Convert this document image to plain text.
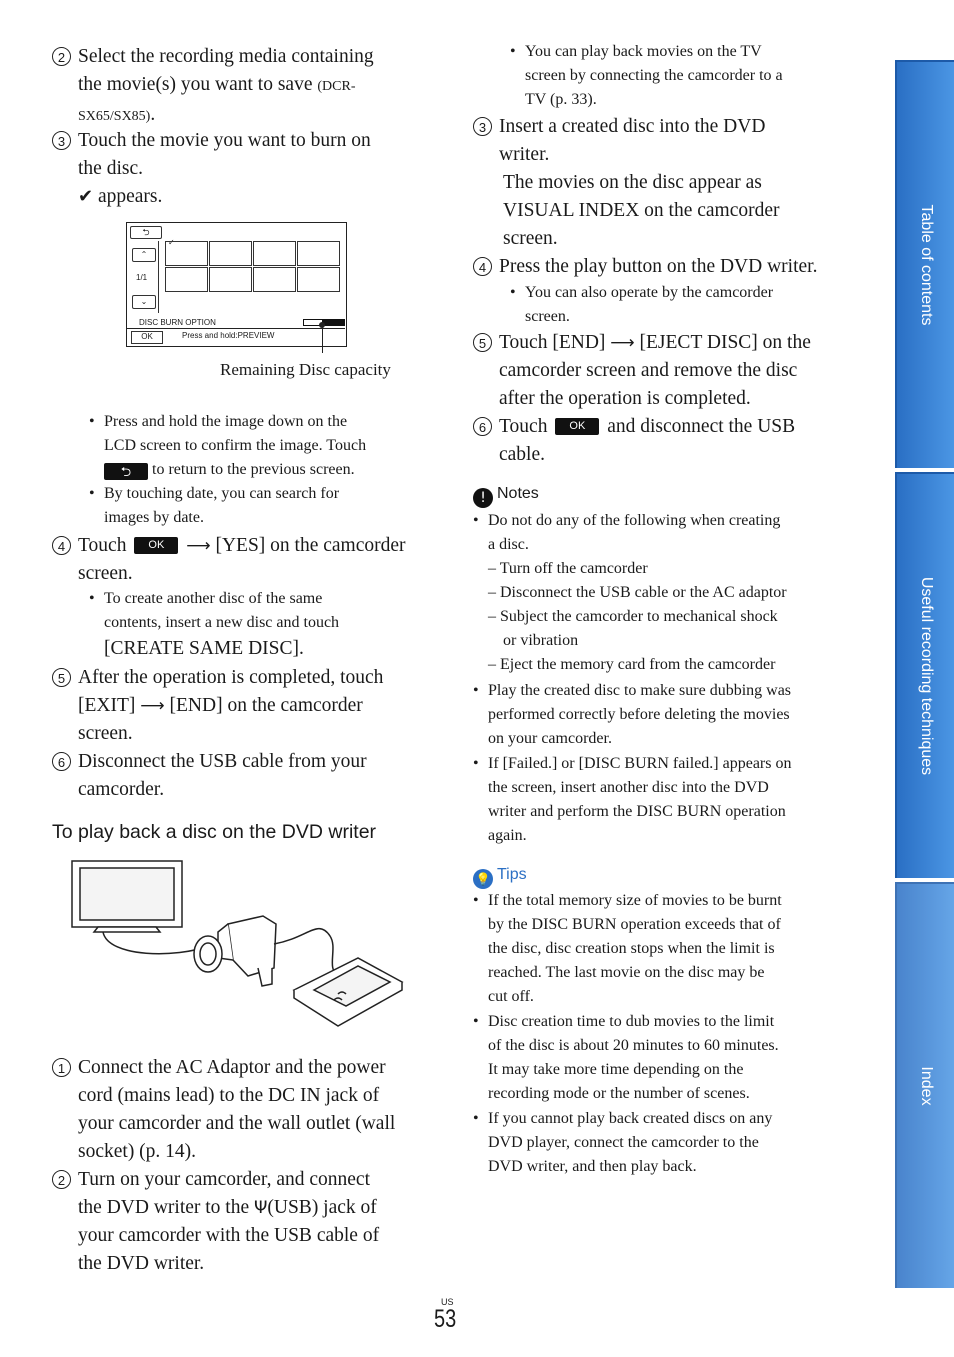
2 Select the recording media containing
the movie(s) you want to save (DCR-
SX65/SX85).
3 Touch the movie you want to burn on
the disc.
✔ appears.
⮌
⌃
1/1
⌄
✓
DISC BURN OPTION
OK	Press and hold:PREVIEW
Remaining Disc capacity
• Press and hold the image down on the
LCD screen to confirm the image. Touch
⮌ to return to the previous screen.
• By touching date, you can search for
images by date.
4 Touch OK ⟶ [YES] on the camcorder
screen.
• To create another disc of the same
contents, insert a new disc and touch
[CREATE SAME DISC].
5 After the operation is completed, touch
[EXIT] ⟶ [END] on the camcorder
screen.
6 Disconnect the USB cable from your
camcorder.
To play back a disc on the DVD writer
1 Connect the AC Adaptor and the power
cord (mains lead) to the DC IN jack of
your camcorder and the wall outlet (wall
socket) (p. 14).
2 Turn on your camcorder, and connect
the DVD writer to the Ψ(USB) jack of
your camcorder with the USB cable of
the DVD writer.
• You can play back movies on the TV
screen by connecting the camcorder to a
TV (p. 33).
3 Insert a created disc into the DVD
writer.
The movies on the disc appear as
VISUAL INDEX on the camcorder
screen.
4 Press the play button on the DVD writer.
• You can also operate by the camcorder
screen.
5 Touch [END] ⟶ [EJECT DISC] on the
camcorder screen and remove the disc
after the operation is completed.
6 Touch OK and disconnect the USB
cable.
! Notes
• Do not do any of the following when creating
a disc.
– Turn off the camcorder
– Disconnect the USB cable or the AC adaptor
– Subject the camcorder to mechanical shock
or vibration
– Eject the memory card from the camcorder
• Play the created disc to make sure dubbing was
performed correctly before deleting the movies
on your camcorder.
• If [Failed.] or [DISC BURN failed.] appears on
the screen, insert another disc into the DVD
writer and perform the DISC BURN operation
again.
💡 Tips
• If the total memory size of movies to be burnt
by the DISC BURN operation exceeds that of
the disc, disc creation stops when the limit is
reached. The last movie on the disc may be
cut off.
• Disc creation time to dub movies to the limit
of the disc is about 20 minutes to 60 minutes.
It may take more time depending on the
recording mode or the number of scenes.
• If you cannot play back created discs on any
DVD player, connect the camcorder to the
DVD writer, and then play back.
Table of contents
Useful recording techniques
Index
US
53
